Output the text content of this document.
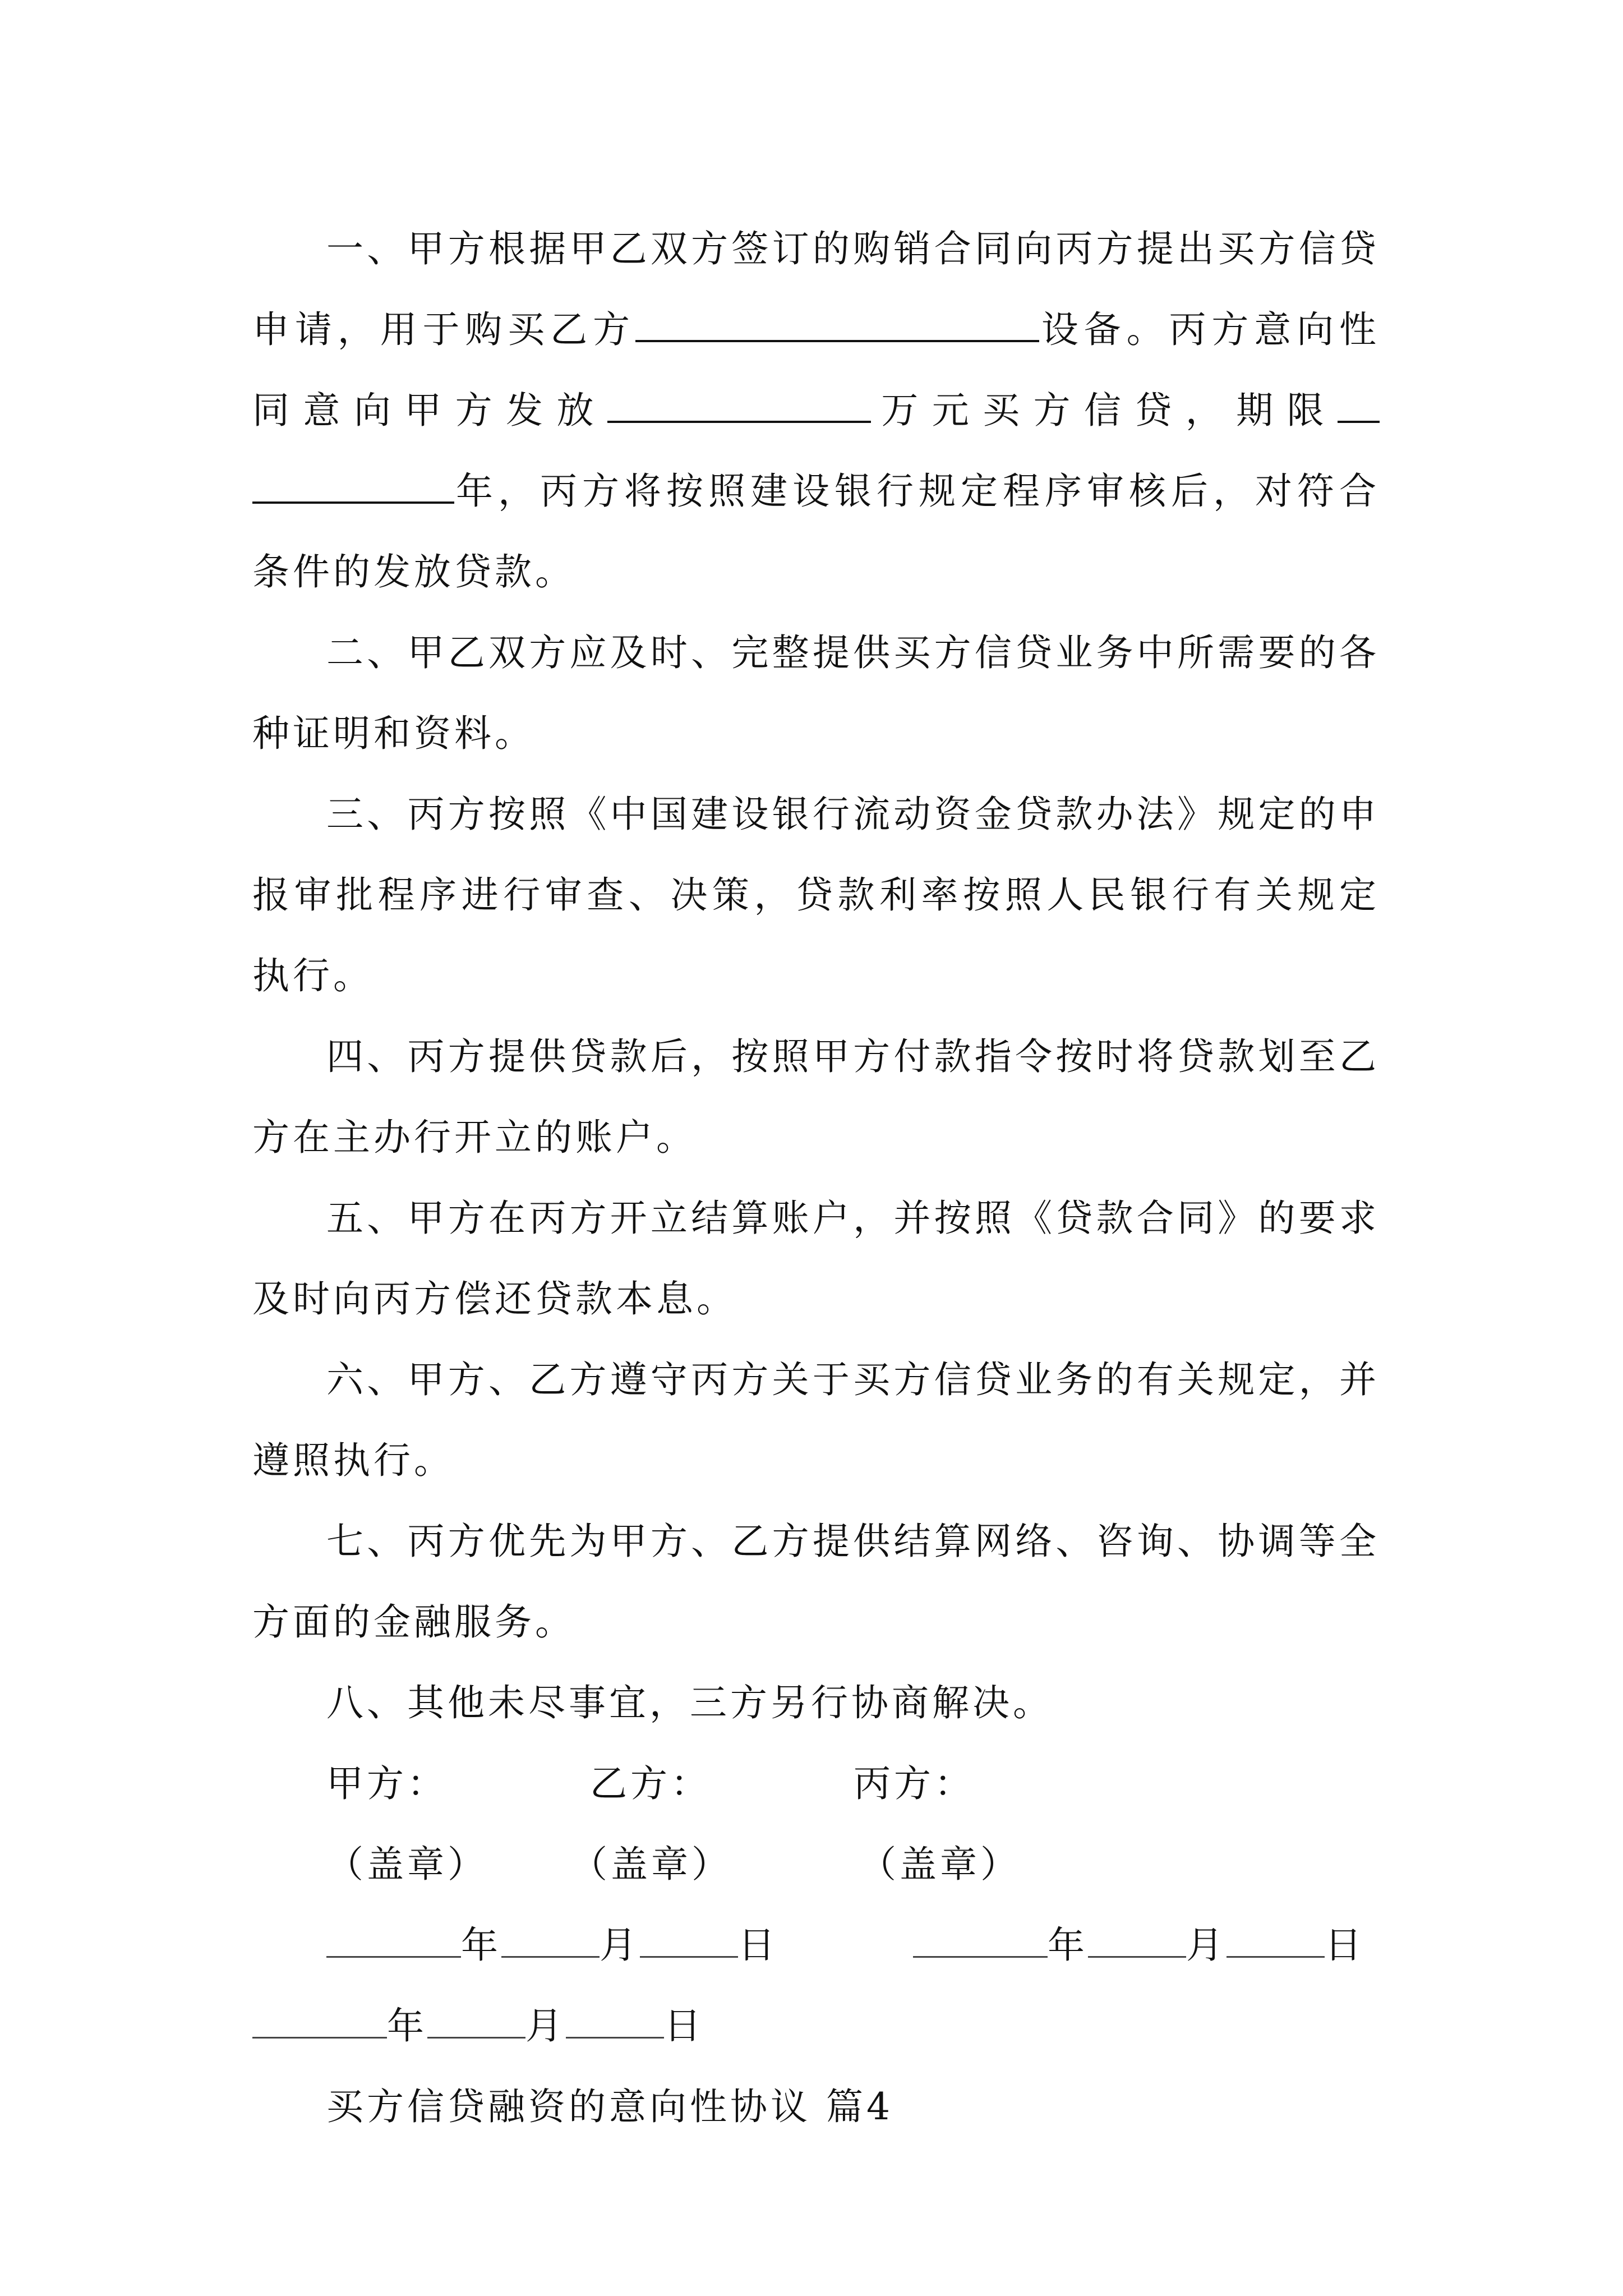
一、甲方根据甲乙双方签订的购销合同向丙方提出买方信贷申请，用于购买乙方	设备。丙方意向性同意向甲方发放	万元买方信贷，期限年，丙方将按照建设银行规定程序审核后，对符合条件的发放贷款。

二、甲乙双方应及时、完整提供买方信贷业务中所需要的各种证明和资料。

三、丙方按照《中国建设银行流动资金贷款办法》规定的申报审批程序进行审查、决策，贷款利率按照人民银行有关规定执行。

四、丙方提供贷款后，按照甲方付款指令按时将贷款划至乙方在主办行开立的账户。

五、甲方在丙方开立结算账户，并按照《贷款合同》的要求及时向丙方偿还贷款本息。

六、甲方、乙方遵守丙方关于买方信贷业务的有关规定，并遵照执行。

七、丙方优先为甲方、乙方提供结算网络、咨询、协调等全方面的金融服务。

八、其他未尽事宜，三方另行协商解决。

甲方：	乙方：	丙方：
（盖章）	（盖章）	（盖章）
年	月	日	年	月	日
年	月	日

买方信贷融资的意向性协议 篇4
